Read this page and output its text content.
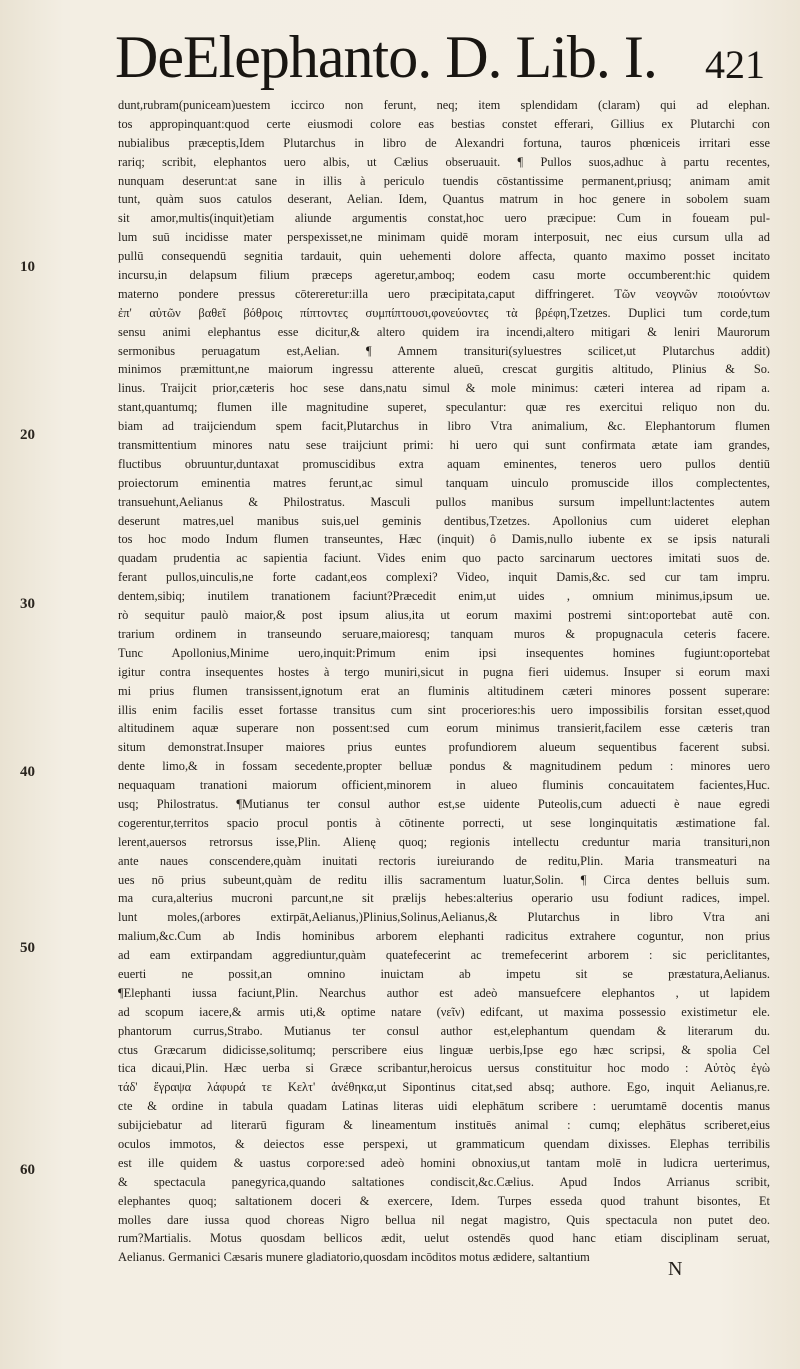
DeElephanto. D. Lib. I. 421
10
20
30
40
50
60
dunt,rubram(puniceam)uestem iccirco non ferunt, neq; item splendidam (claram) qui ad elephan.
tos appropinquant:quod certe eiusmodi colore eas bestias constet efferari, Gillius ex Plutarchi con
nubialibus præceptis,Idem Plutarchus in libro de Alexandri fortuna, tauros phœniceis irritari esse
rariq; scribit, elephantos uero albis, ut Cælius obseruauit. ¶ Pullos suos,adhuc à partu recentes,
nunquam deserunt:at sane in illis à periculo tuendis cōstantissime permanent,priusq; animam amit
tunt, quàm suos catulos deserant, Aelian. Idem, Quantus matrum in hoc genere in sobolem suam
sit amor,multis(inquit)etiam aliunde argumentis constat,hoc uero præcipue: Cum in foueam pul-
lum suū incidisse mater perspexisset,ne minimam quidē moram interposuit, nec eius cursum ulla ad
pullū consequendū segnitia tardauit, quin uehementi dolore affecta, quanto maximo posset incitato
incursu,in delapsum filium præceps ageretur,amboq; eodem casu morte occumberent:hic quidem
materno pondere pressus cōtereretur:illa uero præcipitata,caput diffringeret. Τῶν νεογνῶν ποιούντων
ἐπ' αὐτῶν βαθεῖ βόθροις πίπτοντες συμπίπτουσι,φονεύοντες τὰ βρέφη,Tzetzes. Duplici tum corde,tum
sensu animi elephantus esse dicitur,& altero quidem ira incendi,altero mitigari & leniri Maurorum
sermonibus peruagatum est,Aelian. ¶ Amnem transituri(syluestres scilicet,ut Plutarchus addit)
minimos præmittunt,ne maiorum ingressu atterente alueū, crescat gurgitis altitudo, Plinius & So.
linus. Traijcit prior,cæteris hoc sese dans,natu simul & mole minimus: cæteri interea ad ripam a.
stant,quantumq; flumen ille magnitudine superet, speculantur: quæ res exercitui reliquo non du.
biam ad traijciendum spem facit,Plutarchus in libro Vtra animalium, &c. Elephantorum flumen
transmittentium minores natu sese traijciunt primi: hi uero qui sunt confirmata ætate iam grandes,
fluctibus obruuntur,duntaxat promuscidibus extra aquam eminentes, teneros uero pullos dentiū
proiectorum eminentia matres ferunt,ac simul tanquam uinculo promuscide illos complectentes,
transuehunt,Aelianus & Philostratus. Masculi pullos manibus sursum impellunt:lactentes autem
deserunt matres,uel manibus suis,uel geminis dentibus,Tzetzes. Apollonius cum uideret elephan
tos hoc modo Indum flumen transeuntes, Hæc (inquit) ô Damis,nullo iubente ex se ipsis naturali
quadam prudentia ac sapientia faciunt. Vides enim quo pacto sarcinarum uectores imitati suos de.
ferant pullos,uinculis,ne forte cadant,eos complexi? Video, inquit Damis,&c. sed cur tam impru.
dentem,sibiq; inutilem tranationem faciunt?Præcedit enim,ut uides , omnium minimus,ipsum ue.
rò sequitur paulò maior,& post ipsum alius,ita ut eorum maximi postremi sint:oportebat autē con.
trarium ordinem in transeundo seruare,maioresq; tanquam muros & propugnacula ceteris facere.
Tunc Apollonius,Minime uero,inquit:Primum enim ipsi insequentes homines fugiunt:oportebat
igitur contra insequentes hostes à tergo muniri,sicut in pugna fieri uidemus. Insuper si eorum maxi
mi prius flumen transissent,ignotum erat an fluminis altitudinem cæteri minores possent superare:
illis enim facilis esset fortasse transitus cum sint proceriores:his uero impossibilis forsitan esset,quod
altitudinem aquæ superare non possent:sed cum eorum minimus transierit,facilem esse cæteris tran
situm demonstrat.Insuper maiores prius euntes profundiorem alueum sequentibus facerent subsi.
dente limo,& in fossam secedente,propter belluæ pondus & magnitudinem pedum : minores uero
nequaquam tranationi maiorum officient,minorem in alueo fluminis concauitatem facientes,Huc.
usq; Philostratus. ¶Mutianus ter consul author est,se uidente Puteolis,cum aduecti è naue egredi
cogerentur,territos spacio procul pontis à cōtinente porrecti, ut sese longinquitatis æstimatione fal.
lerent,auersos retrorsus isse,Plin. Alienę quoq; regionis intellectu creduntur maria transituri,non
ante naues conscendere,quàm inuitati rectoris iureiurando de reditu,Plin. Maria transmeaturi na
ues nō prius subeunt,quàm de reditu illis sacramentum luatur,Solin. ¶ Circa dentes belluis sum.
ma cura,alterius mucroni parcunt,ne sit prælijs hebes:alterius operario usu fodiunt radices, impel.
lunt moles,(arbores extirpāt,Aelianus,)Plinius,Solinus,Aelianus,& Plutarchus in libro Vtra ani
malium,&c.Cum ab Indis hominibus arborem elephanti radicitus extrahere coguntur, non prius
ad eam extirpandam aggrediuntur,quàm quatefecerint ac tremefecerint arborem : sic periclitantes,
euerti ne possit,an omnino inuictam ab impetu sit se præstatura,Aelianus.
¶Elephanti iussa faciunt,Plin. Nearchus author est adeò mansuefcere elephantos , ut lapidem
ad scopum iacere,& armis uti,& optime natare (νεῖν) edifcant, ut maxima possessio existimetur ele.
phantorum currus,Strabo. Mutianus ter consul author est,elephantum quendam & literarum du.
ctus Græcarum didicisse,solitumq; perscribere eius linguæ uerbis,Ipse ego hæc scripsi, & spolia Cel
tica dicaui,Plin. Hæc uerba si Græce scribantur,heroicus uersus constituitur hoc modo : Αὐτὸς ἐγὼ
τάδ' ἔγραψα λάφυρά τε Κελτ' ἀνέθηκα,ut Sipontinus citat,sed absq; authore. Ego, inquit Aelianus,re.
cte & ordine in tabula quadam Latinas literas uidi elephātum scribere : uerumtamē docentis manus
subijciebatur ad literarū figuram & lineamentum instituēs animal : cumq; elephātus scriberet,eius
oculos immotos, & deiectos esse perspexi, ut grammaticum quendam dixisses. Elephas terribilis
est ille quidem & uastus corpore:sed adeò homini obnoxius,ut tantam molē in ludicra uerterimus,
& spectacula panegyrica,quando saltationes condiscit,&c.Cælius. Apud Indos Arrianus scribit,
elephantes quoq; saltationem doceri & exercere, Idem. Turpes esseda quod trahunt bisontes, Et
molles dare iussa quod choreas Nigro bellua nil negat magistro, Quis spectacula non putet deo.
rum?Martialis. Motus quosdam bellicos ædit, uelut ostendēs quod hanc etiam disciplinam seruat,
Aelianus. Germanici Cæsaris munere gladiatorio,quosdam incōditos motus ædidere, saltantium
N
